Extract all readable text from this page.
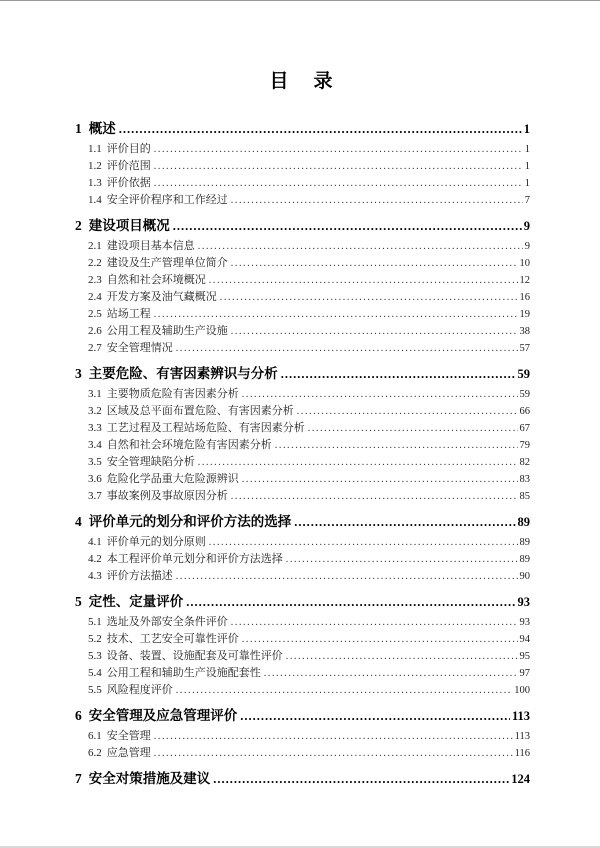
目　录
1 概述 .....	1
1.1 评价目的 .....	1
1.2 评价范围 .....	1
1.3 评价依据 .....	1
1.4 安全评价程序和工作经过 .....	7
2 建设项目概况 .....	9
2.1 建设项目基本信息 .....	9
2.2 建设及生产管理单位简介 .....	10
2.3 自然和社会环境概况 .....	12
2.4 开发方案及油气藏概况 .....	16
2.5 站场工程 .....	19
2.6 公用工程及辅助生产设施 .....	38
2.7 安全管理情况 .....	57
3 主要危险、有害因素辨识与分析 .....	59
3.1 主要物质危险有害因素分析 .....	59
3.2 区域及总平面布置危险、有害因素分析 .....	66
3.3 工艺过程及工程站场危险、有害因素分析 .....	67
3.4 自然和社会环境危险有害因素分析 .....	79
3.5 安全管理缺陷分析 .....	82
3.6 危险化学品重大危险源辨识 .....	83
3.7 事故案例及事故原因分析 .....	85
4 评价单元的划分和评价方法的选择 .....	89
4.1 评价单元的划分原则 .....	89
4.2 本工程评价单元划分和评价方法选择 .....	89
4.3 评价方法描述 .....	90
5 定性、定量评价 .....	93
5.1 选址及外部安全条件评价 .....	93
5.2 技术、工艺安全可靠性评价 .....	94
5.3 设备、装置、设施配套及可靠性评价 .....	95
5.4 公用工程和辅助生产设施配套性 .....	97
5.5 风险程度评价 .....	100
6 安全管理及应急管理评价 .....	113
6.1 安全管理 .....	113
6.2 应急管理 .....	116
7 安全对策措施及建议 .....	124
